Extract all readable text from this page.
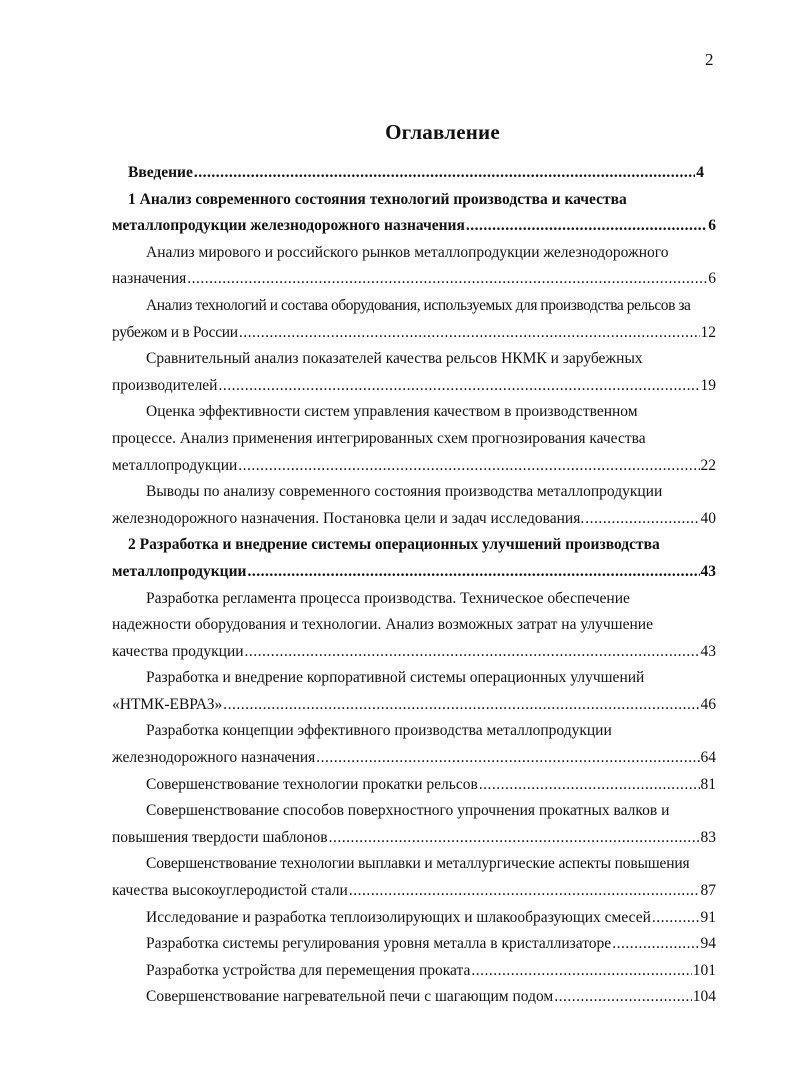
2
Оглавление
Введение .....	4
1 Анализ современного состояния технологий производства и качества
металлопродукции железнодорожного назначения .....	6
Анализ мирового и российского рынков металлопродукции железнодорожного
назначения .....	6
Анализ технологий и состава оборудования, используемых для производства рельсов за
рубежом и в России .....	12
Сравнительный анализ показателей качества рельсов НКМК и зарубежных
производителей .....	19
Оценка эффективности систем управления качеством в производственном
процессе. Анализ применения интегрированных схем прогнозирования качества
металлопродукции .....	22
Выводы по анализу современного состояния производства металлопродукции
железнодорожного назначения. Постановка цели и задач исследования. .....	40
2 Разработка и внедрение системы операционных улучшений производства
металлопродукции .....	43
Разработка регламента процесса производства. Техническое обеспечение
надежности оборудования и технологии. Анализ возможных затрат на улучшение
качества продукции .....	43
Разработка и внедрение корпоративной системы операционных улучшений
«НТМК-ЕВРАЗ» .....	46
Разработка концепции эффективного производства металлопродукции
железнодорожного назначения .....	64
Совершенствование технологии прокатки рельсов .....	81
Совершенствование способов поверхностного упрочнения прокатных валков и
повышения твердости шаблонов .....	83
Совершенствование технологии выплавки и металлургические аспекты повышения
качества высокоуглеродистой стали .....	87
Исследование и разработка теплоизолирующих и шлакообразующих смесей .....	91
Разработка системы регулирования уровня металла в кристаллизаторе .....	94
Разработка устройства для перемещения проката .....	101
Совершенствование нагревательной печи с шагающим подом .....	104
